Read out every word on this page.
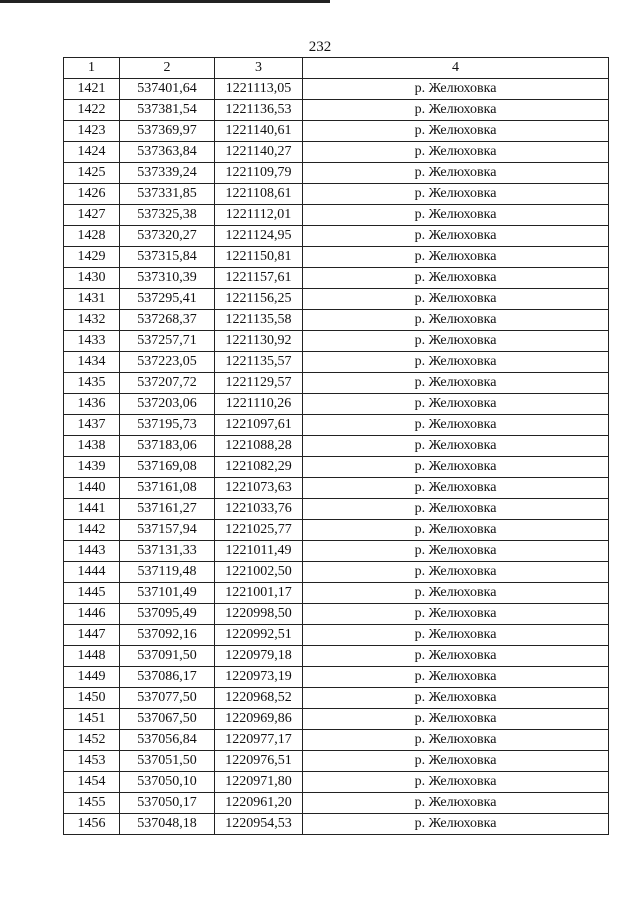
232
1	2	3	4
1421	537401,64	1221113,05	р. Желюховка
1422	537381,54	1221136,53	р. Желюховка
1423	537369,97	1221140,61	р. Желюховка
1424	537363,84	1221140,27	р. Желюховка
1425	537339,24	1221109,79	р. Желюховка
1426	537331,85	1221108,61	р. Желюховка
1427	537325,38	1221112,01	р. Желюховка
1428	537320,27	1221124,95	р. Желюховка
1429	537315,84	1221150,81	р. Желюховка
1430	537310,39	1221157,61	р. Желюховка
1431	537295,41	1221156,25	р. Желюховка
1432	537268,37	1221135,58	р. Желюховка
1433	537257,71	1221130,92	р. Желюховка
1434	537223,05	1221135,57	р. Желюховка
1435	537207,72	1221129,57	р. Желюховка
1436	537203,06	1221110,26	р. Желюховка
1437	537195,73	1221097,61	р. Желюховка
1438	537183,06	1221088,28	р. Желюховка
1439	537169,08	1221082,29	р. Желюховка
1440	537161,08	1221073,63	р. Желюховка
1441	537161,27	1221033,76	р. Желюховка
1442	537157,94	1221025,77	р. Желюховка
1443	537131,33	1221011,49	р. Желюховка
1444	537119,48	1221002,50	р. Желюховка
1445	537101,49	1221001,17	р. Желюховка
1446	537095,49	1220998,50	р. Желюховка
1447	537092,16	1220992,51	р. Желюховка
1448	537091,50	1220979,18	р. Желюховка
1449	537086,17	1220973,19	р. Желюховка
1450	537077,50	1220968,52	р. Желюховка
1451	537067,50	1220969,86	р. Желюховка
1452	537056,84	1220977,17	р. Желюховка
1453	537051,50	1220976,51	р. Желюховка
1454	537050,10	1220971,80	р. Желюховка
1455	537050,17	1220961,20	р. Желюховка
1456	537048,18	1220954,53	р. Желюховка
